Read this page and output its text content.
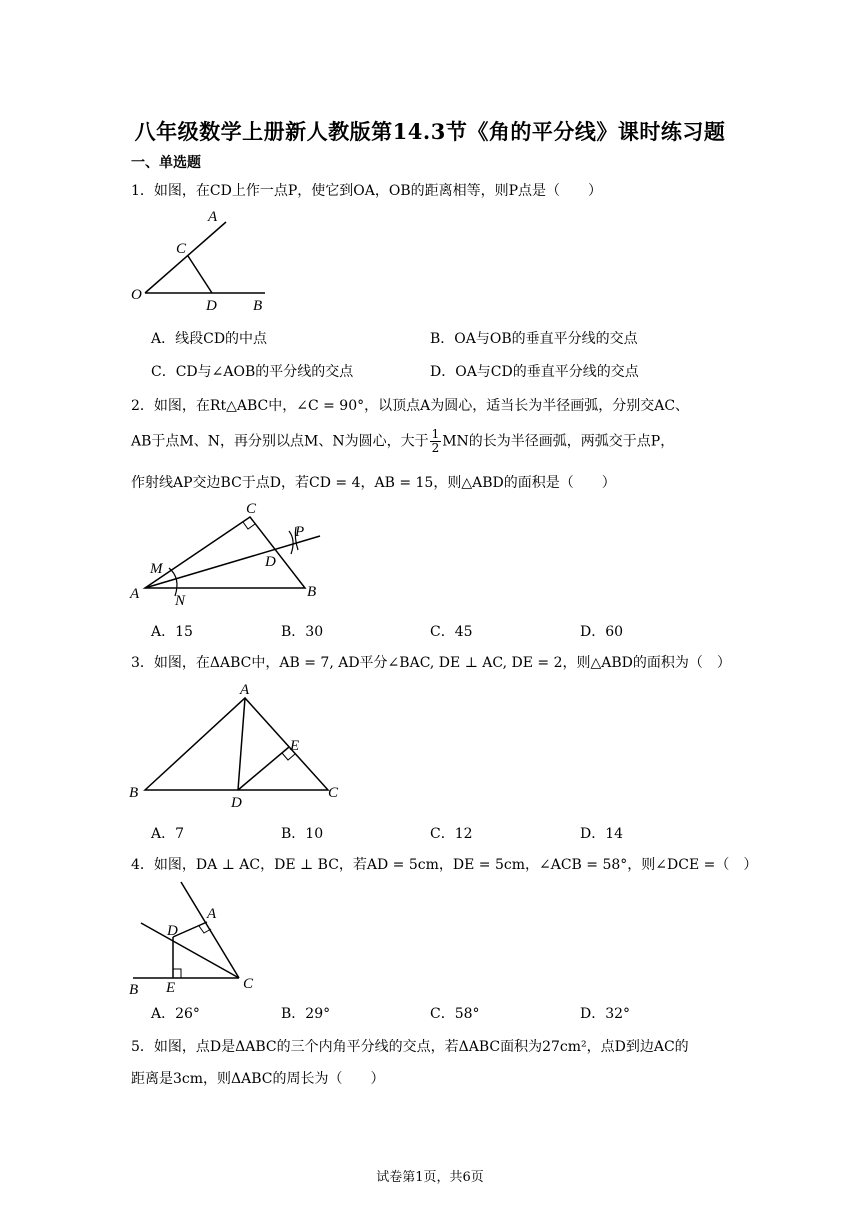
八年级数学上册新人教版第14.3节《角的平分线》课时练习题
一、单选题
1．如图，在CD上作一点P，使它到OA，OB的距离相等，则P点是（　　）
A
C
O
D B
A．线段CD的中点	B．OA与OB的垂直平分线的交点
C．CD与∠AOB的平分线的交点	D．OA与CD的垂直平分线的交点
2．如图，在Rt△ABC中，∠C = 90°，以顶点A为圆心，适当长为半径画弧，分别交AC、
AB于点M、N，再分别以点M、N为圆心，大于 $\frac{1}{2}$ MN的长为半径画弧，两弧交于点P，
作射线AP交边BC于点D，若CD = 4，AB = 15，则△ABD的面积是（　　）
C
P
D
M
A N
B
A．15	B．30	C．45	D．60
3．如图，在ΔABC中，AB = 7, AD平分∠BAC, DE ⊥ AC, DE = 2，则△ABD的面积为（　）
A
E
B
D
C
A．7	B．10	C．12	D．14
4．如图，DA ⊥ AC，DE ⊥ BC，若AD = 5cm，DE = 5cm，∠ACB = 58°，则∠DCE =（　）
A
D
B E	C
A．26°	B．29°	C．58°	D．32°
5．如图，点D是ΔABC的三个内角平分线的交点，若ΔABC面积为27cm²，点D到边AC的
距离是3cm，则ΔABC的周长为（　　）
试卷第1页，共6页
